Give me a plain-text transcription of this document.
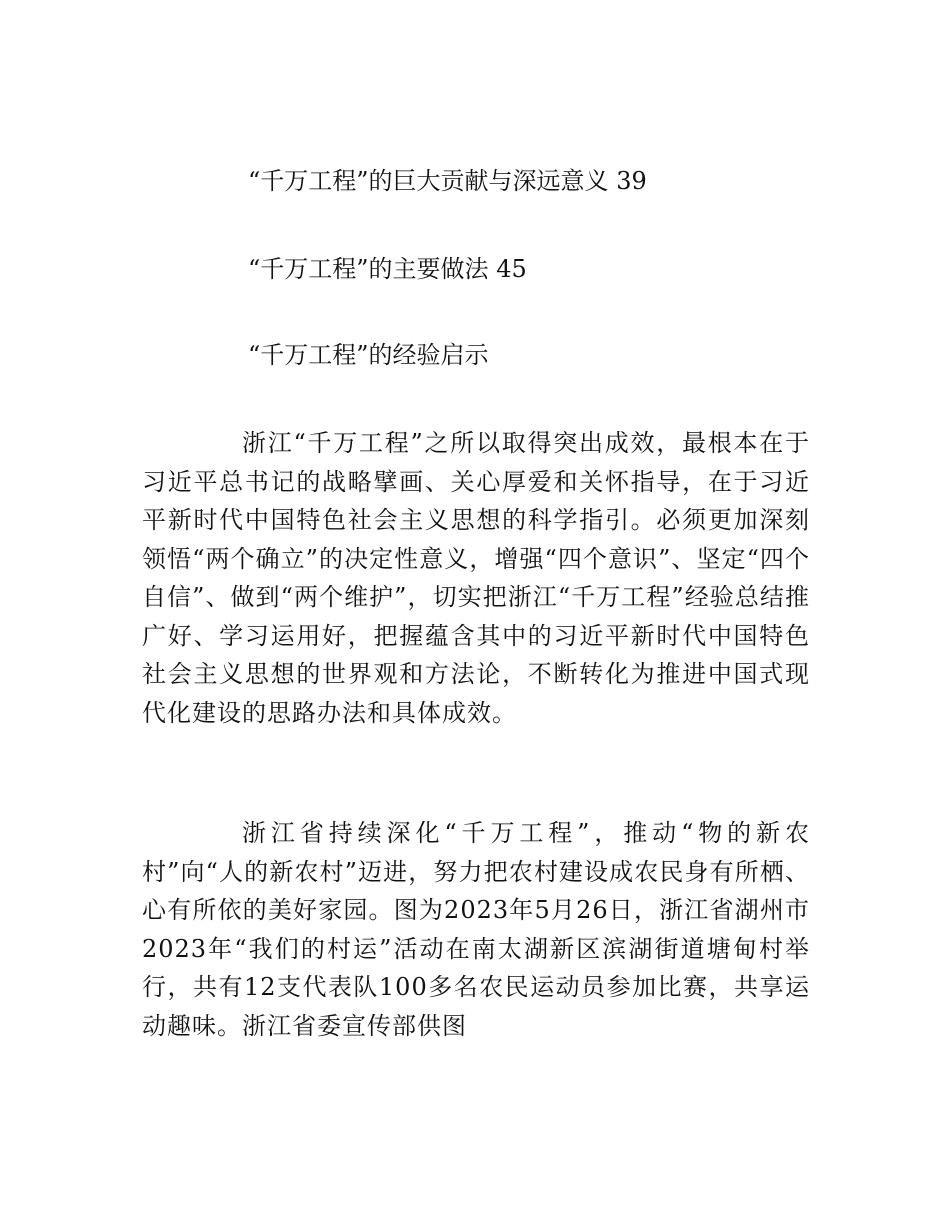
“千万工程”的巨大贡献与深远意义 39
“千万工程”的主要做法 45
“千万工程”的经验启示

浙江“千万工程”之所以取得突出成效，最根本在于习近平总书记的战略擘画、关心厚爱和关怀指导，在于习近平新时代中国特色社会主义思想的科学指引。必须更加深刻领悟“两个确立”的决定性意义，增强“四个意识”、坚定“四个自信”、做到“两个维护”，切实把浙江“千万工程”经验总结推广好、学习运用好，把握蕴含其中的习近平新时代中国特色社会主义思想的世界观和方法论，不断转化为推进中国式现代化建设的思路办法和具体成效。

浙江省持续深化“千万工程”，推动“物的新农村”向“人的新农村”迈进，努力把农村建设成农民身有所栖、心有所依的美好家园。图为2023年5月26日，浙江省湖州市2023年“我们的村运”活动在南太湖新区滨湖街道塘甸村举行，共有12支代表队100多名农民运动员参加比赛，共享运动趣味。浙江省委宣传部供图
